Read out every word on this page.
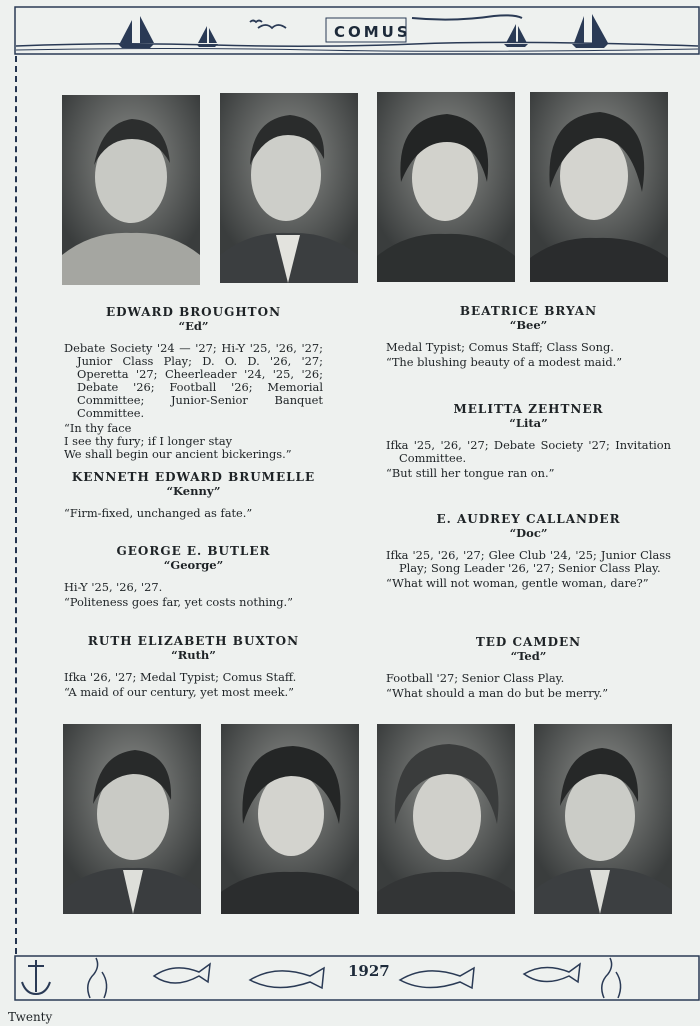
COMUS
EDWARD BROUGHTON
“Ed”
Debate Society '24 — '27; Hi-Y '25, '26, '27; Junior Class Play; D. O. D. '26, '27; Operetta '27; Cheerleader '24, '25, '26; Debate '26; Football '26; Memorial Committee; Junior-Senior Banquet Committee.
“In thy face
I see thy fury; if I longer stay
We shall begin our ancient bickerings.”
KENNETH EDWARD BRUMELLE
“Kenny”
“Firm-fixed, unchanged as fate.”
GEORGE E. BUTLER
“George”
Hi-Y '25, '26, '27.
“Politeness goes far, yet costs nothing.”
RUTH ELIZABETH BUXTON
“Ruth”
Ifka '26, '27; Medal Typist; Comus Staff.
“A maid of our century, yet most meek.”
BEATRICE BRYAN
“Bee”
Medal Typist; Comus Staff; Class Song.
“The blushing beauty of a modest maid.”
MELITTA ZEHTNER
“Lita”
Ifka '25, '26, '27; Debate Society '27; Invitation Committee.
“But still her tongue ran on.”
E. AUDREY CALLANDER
“Doc”
Ifka '25, '26, '27; Glee Club '24, '25; Junior Class Play; Song Leader '26, '27; Senior Class Play.
“What will not woman, gentle woman, dare?”
TED CAMDEN
“Ted”
Football '27; Senior Class Play.
“What should a man do but be merry.”
1927
Twenty
